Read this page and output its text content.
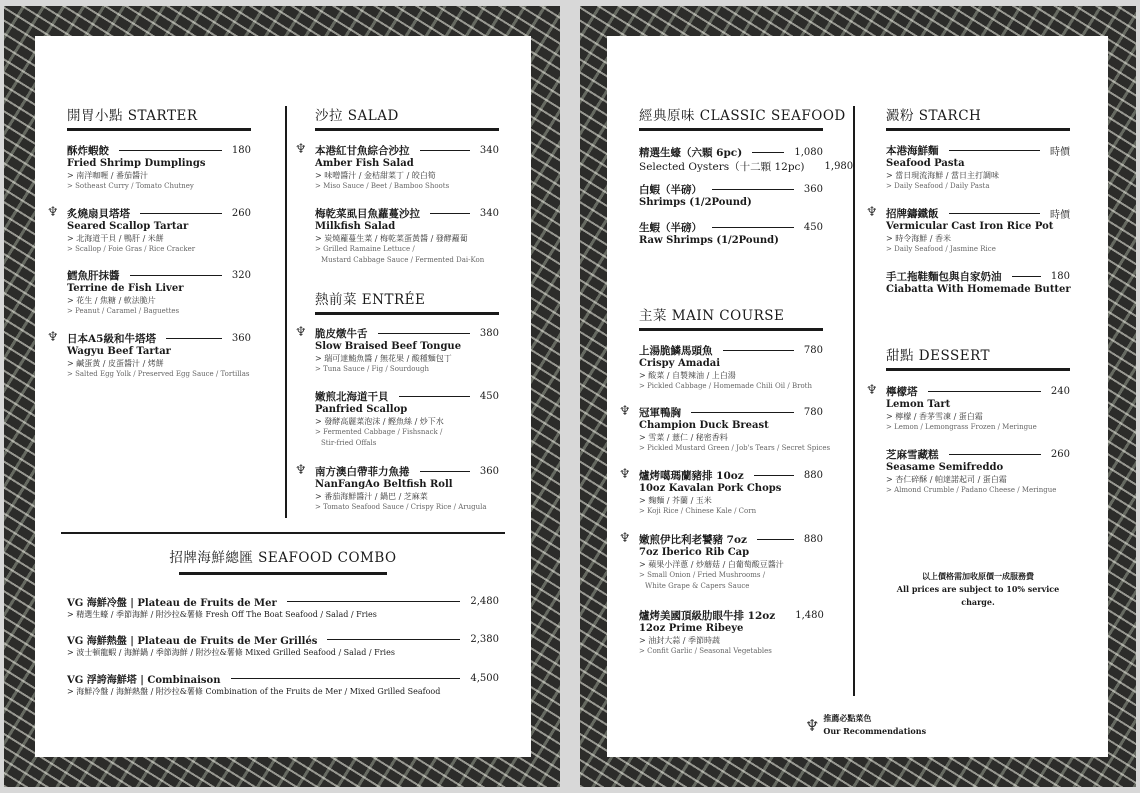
開胃小點 STARTER
酥炸蝦餃	180
Fried Shrimp Dumplings
> 南洋咖喱 / 番茄醬汁
> Sotheast Curry / Tomato Chutney
♆ 炙燒扇貝塔塔	260
Seared Scallop Tartar
> 北海道干貝 / 鴨肝 / 米餅
> Scallop / Foie Gras / Rice Cracker
鱈魚肝抹醬	320
Terrine de Fish Liver
> 花生 / 焦糖 / 軟法脆片
> Peanut / Caramel / Baguettes
♆ 日本A5級和牛塔塔	360
Wagyu Beef Tartar
> 鹹蛋黃 / 皮蛋醬汁 / 烤餅
> Salted Egg Yolk / Preserved Egg Sauce / Tortillas
沙拉 SALAD
♆ 本港紅甘魚綜合沙拉	340
Amber Fish Salad
> 味噌醬汁 / 金桔甜菜丁 / 皎白筍
> Miso Sauce / Beet / Bamboo Shoots
梅乾菜虱目魚蘿蔓沙拉	340
Milkfish Salad
> 炭燒蘿蔓生菜 / 梅乾菜蛋黃醬 / 發酵蘿蔔
> Grilled Ramaine Lettuce /
Mustard Cabbage Sauce / Fermented Dai-Kon
熱前菜 ENTRÉE
♆ 脆皮燉牛舌	380
Slow Braised Beef Tongue
> 瑞可達鮪魚醬 / 無花果 / 酸種麵包丁
> Tuna Sauce / Fig / Sourdough
嫩煎北海道干貝	450
Panfried Scallop
> 發酵高麗菜泡沫 / 鰹魚絲 / 炒下水
> Fermented Cabbage / Fishsnack /
Stir-fried Offals
♆ 南方澳白帶菲力魚捲	360
NanFangAo Beltfish Roll
> 番茄海鮮醬汁 / 鍋巴 / 芝麻菜
> Tomato Seafood Sauce / Crispy Rice / Arugula
招牌海鮮總匯 SEAFOOD COMBO
VG 海鮮冷盤 | Plateau de Fruits de Mer	2,480
> 精選生蠔 / 季節海鮮 / 附沙拉&薯條 Fresh Off The Boat Seafood / Salad / Fries
VG 海鮮熱盤 | Plateau de Fruits de Mer Grillés	2,380
> 波士頓龍蝦 / 海鮮鍋 / 季節海鮮 / 附沙拉&薯條 Mixed Grilled Seafood / Salad / Fries
VG 浮誇海鮮塔 | Combinaison	4,500
> 海鮮冷盤 / 海鮮熱盤 / 附沙拉&薯條 Combination of the Fruits de Mer / Mixed Grilled Seafood
經典原味 CLASSIC SEAFOOD
精選生蠔（六顆 6pc)	1,080
Selected Oysters（十二顆 12pc) 1,980
白蝦（半磅）	360
Shrimps (1/2Pound)
生蝦（半磅）	450
Raw Shrimps (1/2Pound)
主菜 MAIN COURSE
上湯脆鱗馬頭魚	780
Crispy Amadai
> 酸菜 / 自製辣油 / 上白湯
> Pickled Cabbage / Homemade Chili Oil / Broth
♆ 冠軍鴨胸	780
Champion Duck Breast
> 雪菜 / 薏仁 / 秘密香料
> Pickled Mustard Green / Job's Tears / Secret Spices
♆ 爐烤噶瑪蘭豬排 10oz	880
10oz Kavalan Pork Chops
> 麴麵 / 芥蘭 / 玉米
> Koji Rice / Chinese Kale / Corn
♆ 嫩煎伊比利老饕豬 7oz	880
7oz Iberico Rib Cap
> 蘋果小洋蔥 / 炒蘑菇 / 白葡萄酸豆醬汁
> Small Onion / Fried Mushrooms /
White Grape & Capers Sauce
爐烤美國頂級肋眼牛排 12oz 1,480
12oz Prime Ribeye
> 油封大蒜 / 季節時蔬
> Confit Garlic / Seasonal Vegetables
澱粉 STARCH
本港海鮮麵	時價
Seafood Pasta
> 當日現流海鮮 / 當日主打調味
> Daily Seafood / Daily Pasta
♆ 招牌鑄鐵飯	時價
Vermicular Cast Iron Rice Pot
> 時令海鮮 / 香米
> Daily Seafood / Jasmine Rice
手工拖鞋麵包與自家奶油	180
Ciabatta With Homemade Butter
甜點 DESSERT
♆ 檸檬塔	240
Lemon Tart
> 檸檬 / 香茅雪凍 / 蛋白霜
> Lemon / Lemongrass Frozen / Meringue
芝麻雪藏糕	260
Seasame Semifreddo
> 杏仁碎酥 / 帕達諾起司 / 蛋白霜
> Almond Crumble / Padano Cheese / Meringue
以上價格需加收原價一成服務費
All prices are subject to 10% service charge.
♆ 推薦必點菜色
Our Recommendations
